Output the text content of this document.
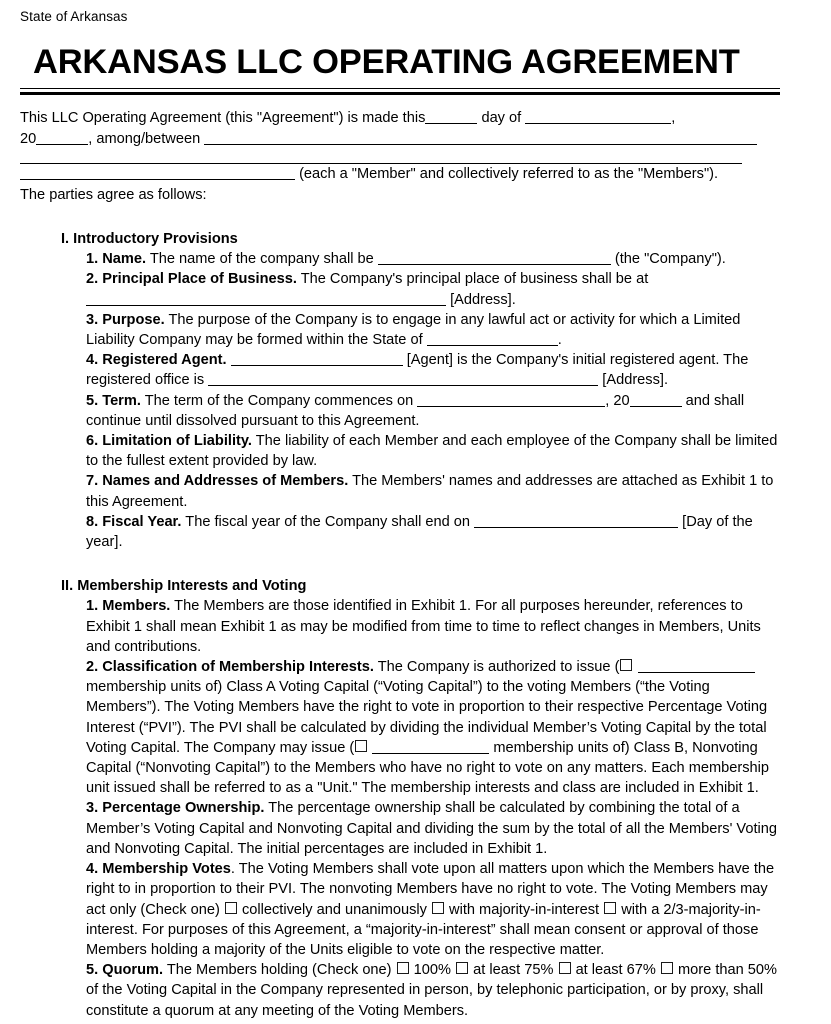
State of Arkansas
ARKANSAS LLC OPERATING AGREEMENT

This LLC Operating Agreement (this "Agreement") is made this	day of	,

20	, among/between

(each a "Member" and collectively referred to as the "Members").

The parties agree as follows:

I. Introductory Provisions

1. Name. The name of the company shall be	(the "Company").

2. Principal Place of Business. The Company's principal place of business shall be at

[Address].

3. Purpose. The purpose of the Company is to engage in any lawful act or activity for which a Limited Liability Company may be formed within the State of	.

4. Registered Agent.	[Agent] is the Company's initial registered agent. The registered office is	[Address].

5. Term. The term of the Company commences on	, 20	and shall continue until dissolved pursuant to this Agreement.

6. Limitation of Liability. The liability of each Member and each employee of the Company shall be limited to the fullest extent provided by law.

7. Names and Addresses of Members. The Members' names and addresses are attached as Exhibit 1 to this Agreement.

8. Fiscal Year. The fiscal year of the Company shall end on	[Day of the year].

II. Membership Interests and Voting

1. Members. The Members are those identified in Exhibit 1. For all purposes hereunder, references to Exhibit 1 shall mean Exhibit 1 as may be modified from time to time to reflect changes in Members, Units and contributions.

2. Classification of Membership Interests. The Company is authorized to issue (  membership units of) Class A Voting Capital (“Voting Capital”) to the voting Members (“the Voting Members”). The Voting Members have the right to vote in proportion to their respective Percentage Voting Interest (“PVI”). The PVI shall be calculated by dividing the individual Member’s Voting Capital by the total Voting Capital. The Company may issue (	membership units of) Class B, Nonvoting Capital (“Nonvoting Capital”) to the Members who have no right to vote on any matters. Each membership unit issued shall be referred to as a "Unit." The membership interests and class are included in Exhibit 1.

3. Percentage Ownership. The percentage ownership shall be calculated by combining the total of a Member’s Voting Capital and Nonvoting Capital and dividing the sum by the total of all the Members' Voting and Nonvoting Capital. The initial percentages are included in Exhibit 1.

4. Membership Votes. The Voting Members shall vote upon all matters upon which the Members have the right to in proportion to their PVI. The nonvoting Members have no right to vote. The Voting Members may act only (Check one) collectively and unanimously with majority-in-interest with a 2/3-majority-in-interest. For purposes of this Agreement, a “majority-in-interest” shall mean consent or approval of those Members holding a majority of the Units eligible to vote on the respective matter.

5. Quorum. The Members holding (Check one) 100% at least 75% at least 67% more than 50% of the Voting Capital in the Company represented in person, by telephonic participation, or by proxy, shall constitute a quorum at any meeting of the Voting Members.
